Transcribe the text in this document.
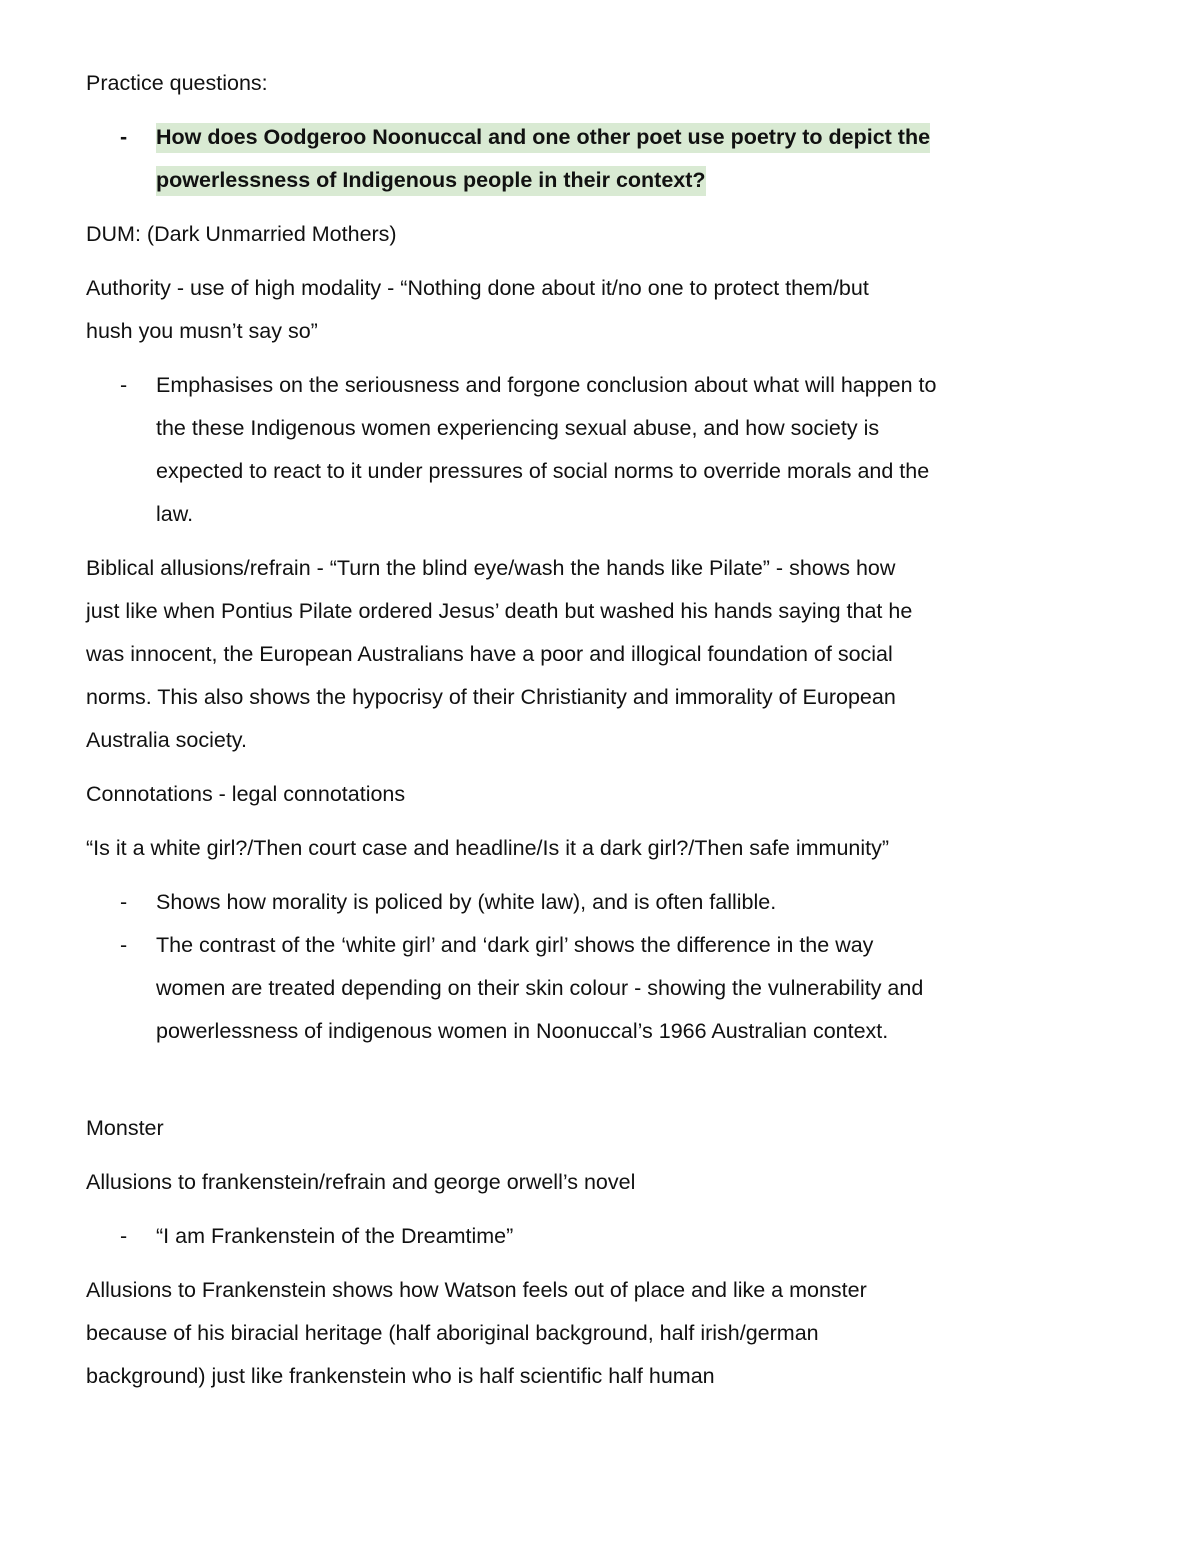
Practice questions:
- How does Oodgeroo Noonuccal and one other poet use poetry to depict the
powerlessness of Indigenous people in their context?
DUM: (Dark Unmarried Mothers)
Authority - use of high modality - “Nothing done about it/no one to protect them/but
hush you musn’t say so”
- Emphasises on the seriousness and forgone conclusion about what will happen to
the these Indigenous women experiencing sexual abuse, and how society is
expected to react to it under pressures of social norms to override morals and the
law.
Biblical allusions/refrain - “Turn the blind eye/wash the hands like Pilate” - shows how
just like when Pontius Pilate ordered Jesus’ death but washed his hands saying that he
was innocent, the European Australians have a poor and illogical foundation of social
norms. This also shows the hypocrisy of their Christianity and immorality of European
Australia society.
Connotations - legal connotations
“Is it a white girl?/Then court case and headline/Is it a dark girl?/Then safe immunity”
- Shows how morality is policed by (white law), and is often fallible.
- The contrast of the ‘white girl’ and ‘dark girl’ shows the difference in the way
women are treated depending on their skin colour - showing the vulnerability and
powerlessness of indigenous women in Noonuccal’s 1966 Australian context.
Monster
Allusions to frankenstein/refrain and george orwell’s novel
- “I am Frankenstein of the Dreamtime”
Allusions to Frankenstein shows how Watson feels out of place and like a monster
because of his biracial heritage (half aboriginal background, half irish/german
background) just like frankenstein who is half scientific half human
